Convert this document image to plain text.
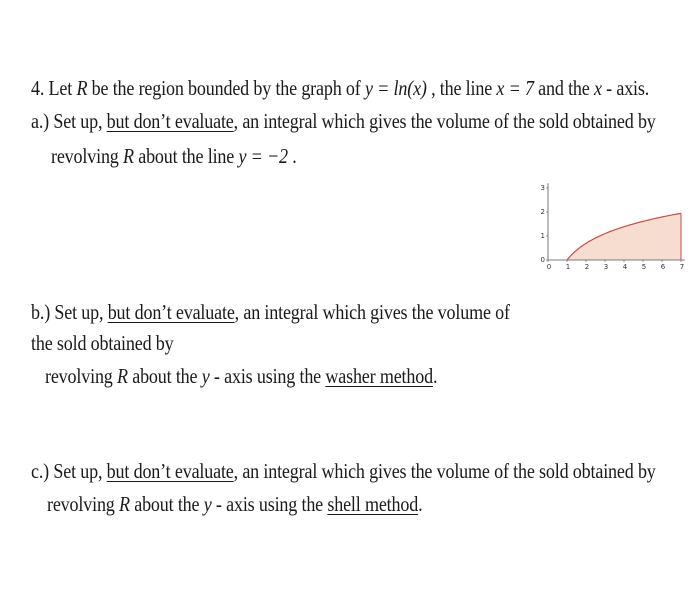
4. Let R be the region bounded by the graph of y = ln(x) , the line x = 7 and the x - axis.
a.) Set up, but don’t evaluate, an integral which gives the volume of the sold obtained by
revolving R about the line y = −2 .
0
1
2
3
0 1 2 3 4 5 6 7
b.) Set up, but don’t evaluate, an integral which gives the volume of
the sold obtained by
revolving R about the y - axis using the washer method.
c.) Set up, but don’t evaluate, an integral which gives the volume of the sold obtained by
revolving R about the y - axis using the shell method.
